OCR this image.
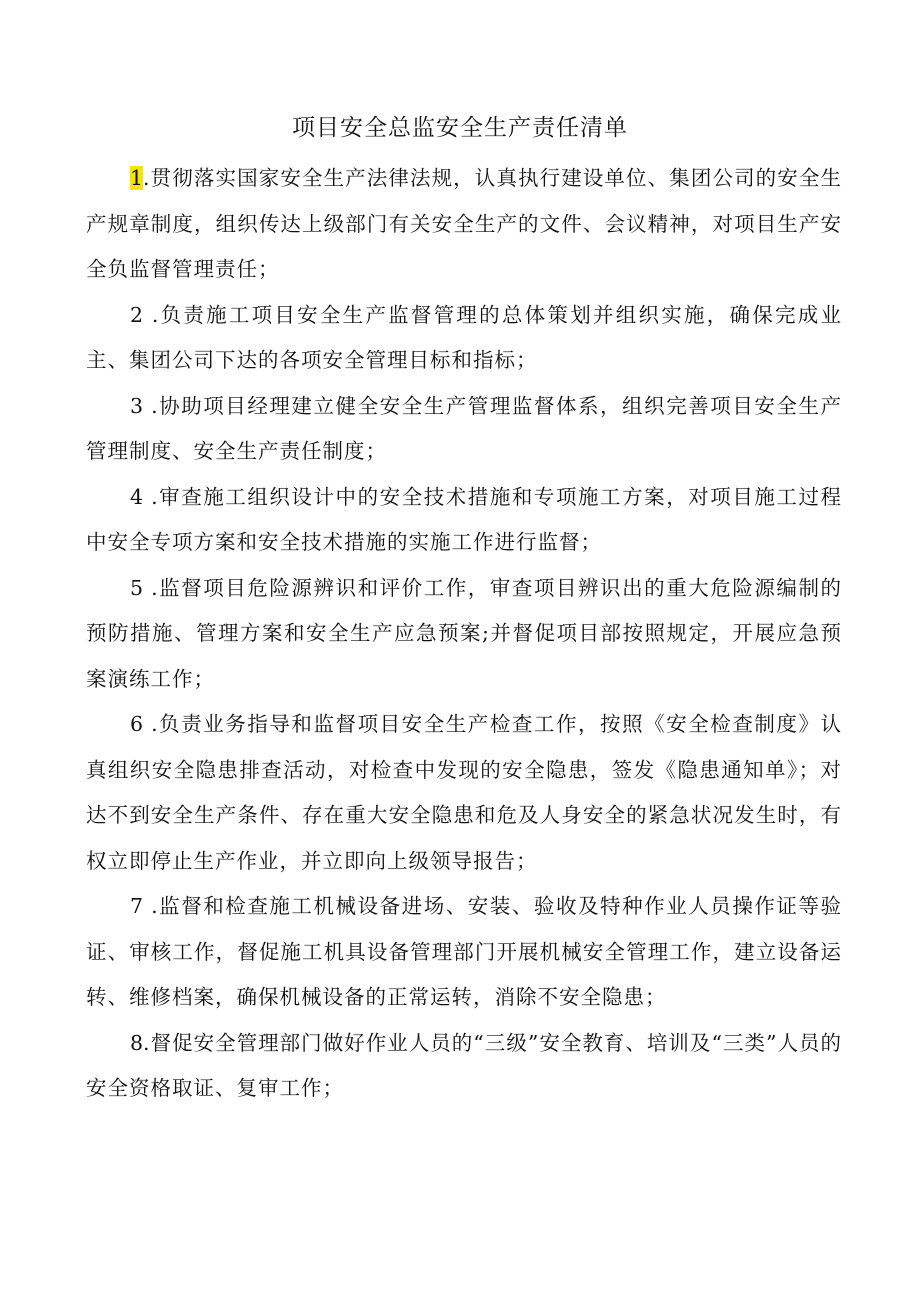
项目安全总监安全生产责任清单

1.贯彻落实国家安全生产法律法规，认真执行建设单位、集团公司的安全生产规章制度，组织传达上级部门有关安全生产的文件、会议精神，对项目生产安全负监督管理责任；

2 .负责施工项目安全生产监督管理的总体策划并组织实施，确保完成业主、集团公司下达的各项安全管理目标和指标；

3 .协助项目经理建立健全安全生产管理监督体系，组织完善项目安全生产管理制度、安全生产责任制度；

4 .审查施工组织设计中的安全技术措施和专项施工方案，对项目施工过程中安全专项方案和安全技术措施的实施工作进行监督；

5 .监督项目危险源辨识和评价工作，审查项目辨识出的重大危险源编制的预防措施、管理方案和安全生产应急预案;并督促项目部按照规定，开展应急预案演练工作；

6 .负责业务指导和监督项目安全生产检查工作，按照《安全检查制度》认真组织安全隐患排查活动，对检查中发现的安全隐患，签发《隐患通知单》；对达不到安全生产条件、存在重大安全隐患和危及人身安全的紧急状况发生时，有权立即停止生产作业，并立即向上级领导报告；

7 .监督和检查施工机械设备进场、安装、验收及特种作业人员操作证等验证、审核工作，督促施工机具设备管理部门开展机械安全管理工作，建立设备运转、维修档案，确保机械设备的正常运转，消除不安全隐患；

8.督促安全管理部门做好作业人员的“三级”安全教育、培训及“三类”人员的安全资格取证、复审工作；
